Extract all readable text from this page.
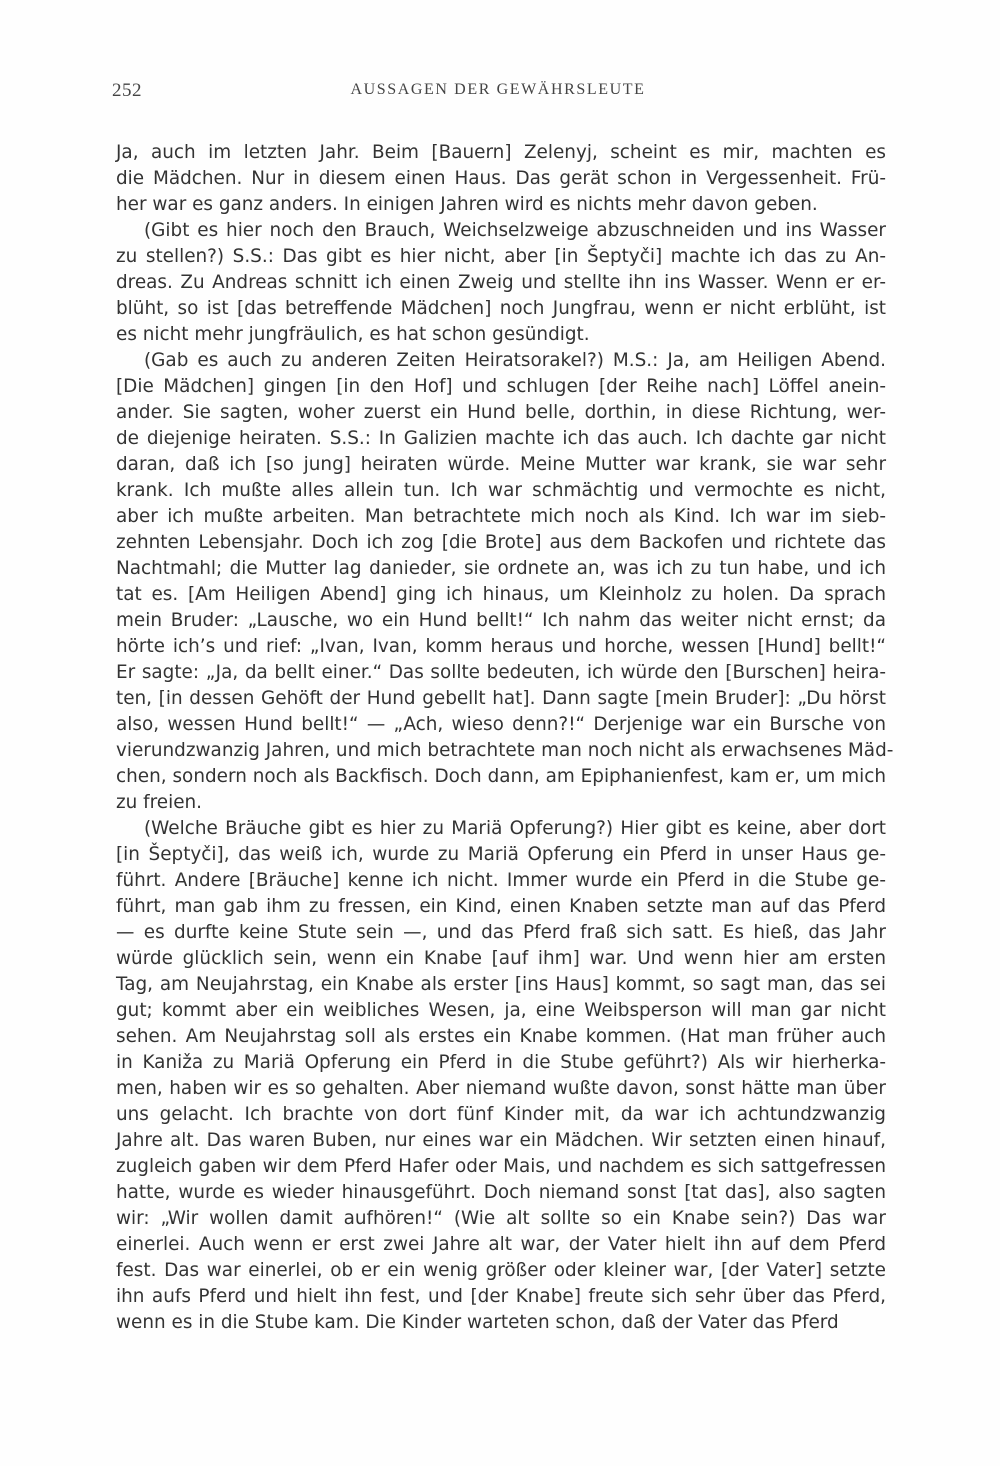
252	AUSSAGEN DER GEWÄHRSLEUTE
Ja, auch im letzten Jahr. Beim [Bauern] Zelenyj, scheint es mir, machten es
die Mädchen. Nur in diesem einen Haus. Das gerät schon in Vergessenheit. Frü-
her war es ganz anders. In einigen Jahren wird es nichts mehr davon geben.
(Gibt es hier noch den Brauch, Weichselzweige abzuschneiden und ins Wasser
zu stellen?) S.S.: Das gibt es hier nicht, aber [in Šeptyči] machte ich das zu An-
dreas. Zu Andreas schnitt ich einen Zweig und stellte ihn ins Wasser. Wenn er er-
blüht, so ist [das betreffende Mädchen] noch Jungfrau, wenn er nicht erblüht, ist
es nicht mehr jungfräulich, es hat schon gesündigt.
(Gab es auch zu anderen Zeiten Heiratsorakel?) M.S.: Ja, am Heiligen Abend.
[Die Mädchen] gingen [in den Hof] und schlugen [der Reihe nach] Löffel anein-
ander. Sie sagten, woher zuerst ein Hund belle, dorthin, in diese Richtung, wer-
de diejenige heiraten. S.S.: In Galizien machte ich das auch. Ich dachte gar nicht
daran, daß ich [so jung] heiraten würde. Meine Mutter war krank, sie war sehr
krank. Ich mußte alles allein tun. Ich war schmächtig und vermochte es nicht,
aber ich mußte arbeiten. Man betrachtete mich noch als Kind. Ich war im sieb-
zehnten Lebensjahr. Doch ich zog [die Brote] aus dem Backofen und richtete das
Nachtmahl; die Mutter lag danieder, sie ordnete an, was ich zu tun habe, und ich
tat es. [Am Heiligen Abend] ging ich hinaus, um Kleinholz zu holen. Da sprach
mein Bruder: „Lausche, wo ein Hund bellt!“ Ich nahm das weiter nicht ernst; da
hörte ich’s und rief: „Ivan, Ivan, komm heraus und horche, wessen [Hund] bellt!“
Er sagte: „Ja, da bellt einer.“ Das sollte bedeuten, ich würde den [Burschen] heira-
ten, [in dessen Gehöft der Hund gebellt hat]. Dann sagte [mein Bruder]: „Du hörst
also, wessen Hund bellt!“ — „Ach, wieso denn?!“ Derjenige war ein Bursche von
vierundzwanzig Jahren, und mich betrachtete man noch nicht als erwachsenes Mäd-
chen, sondern noch als Backfisch. Doch dann, am Epiphanienfest, kam er, um mich
zu freien.
(Welche Bräuche gibt es hier zu Mariä Opferung?) Hier gibt es keine, aber dort
[in Šeptyči], das weiß ich, wurde zu Mariä Opferung ein Pferd in unser Haus ge-
führt. Andere [Bräuche] kenne ich nicht. Immer wurde ein Pferd in die Stube ge-
führt, man gab ihm zu fressen, ein Kind, einen Knaben setzte man auf das Pferd
— es durfte keine Stute sein —, und das Pferd fraß sich satt. Es hieß, das Jahr
würde glücklich sein, wenn ein Knabe [auf ihm] war. Und wenn hier am ersten
Tag, am Neujahrstag, ein Knabe als erster [ins Haus] kommt, so sagt man, das sei
gut; kommt aber ein weibliches Wesen, ja, eine Weibsperson will man gar nicht
sehen. Am Neujahrstag soll als erstes ein Knabe kommen. (Hat man früher auch
in Kaniža zu Mariä Opferung ein Pferd in die Stube geführt?) Als wir hierherka-
men, haben wir es so gehalten. Aber niemand wußte davon, sonst hätte man über
uns gelacht. Ich brachte von dort fünf Kinder mit, da war ich achtundzwanzig
Jahre alt. Das waren Buben, nur eines war ein Mädchen. Wir setzten einen hinauf,
zugleich gaben wir dem Pferd Hafer oder Mais, und nachdem es sich sattgefressen
hatte, wurde es wieder hinausgeführt. Doch niemand sonst [tat das], also sagten
wir: „Wir wollen damit aufhören!“ (Wie alt sollte so ein Knabe sein?) Das war
einerlei. Auch wenn er erst zwei Jahre alt war, der Vater hielt ihn auf dem Pferd
fest. Das war einerlei, ob er ein wenig größer oder kleiner war, [der Vater] setzte
ihn aufs Pferd und hielt ihn fest, und [der Knabe] freute sich sehr über das Pferd,
wenn es in die Stube kam. Die Kinder warteten schon, daß der Vater das Pferd
